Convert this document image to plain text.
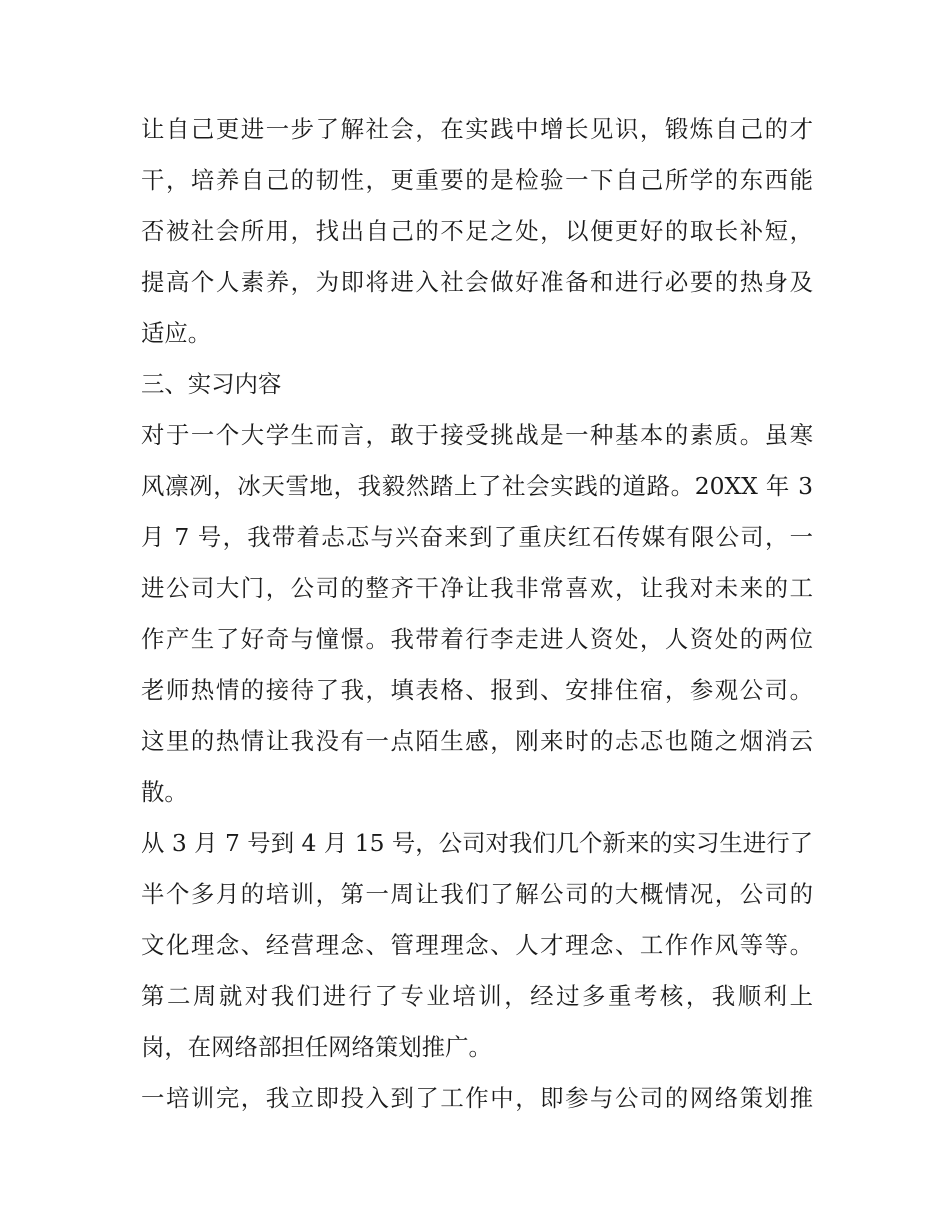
让自己更进一步了解社会，在实践中增长见识，锻炼自己的才
干，培养自己的韧性，更重要的是检验一下自己所学的东西能
否被社会所用，找出自己的不足之处，以便更好的取长补短，
提高个人素养，为即将进入社会做好准备和进行必要的热身及
适应。
三、实习内容
对于一个大学生而言，敢于接受挑战是一种基本的素质。虽寒
风凛冽，冰天雪地，我毅然踏上了社会实践的道路。20XX 年 3
月 7 号，我带着忐忑与兴奋来到了重庆红石传媒有限公司，一
进公司大门，公司的整齐干净让我非常喜欢，让我对未来的工
作产生了好奇与憧憬。我带着行李走进人资处，人资处的两位
老师热情的接待了我，填表格、报到、安排住宿，参观公司。
这里的热情让我没有一点陌生感，刚来时的忐忑也随之烟消云
散。
从 3 月 7 号到 4 月 15 号，公司对我们几个新来的实习生进行了
半个多月的培训，第一周让我们了解公司的大概情况，公司的
文化理念、经营理念、管理理念、人才理念、工作作风等等。
第二周就对我们进行了专业培训，经过多重考核，我顺利上
岗，在网络部担任网络策划推广。
一培训完，我立即投入到了工作中，即参与公司的网络策划推
